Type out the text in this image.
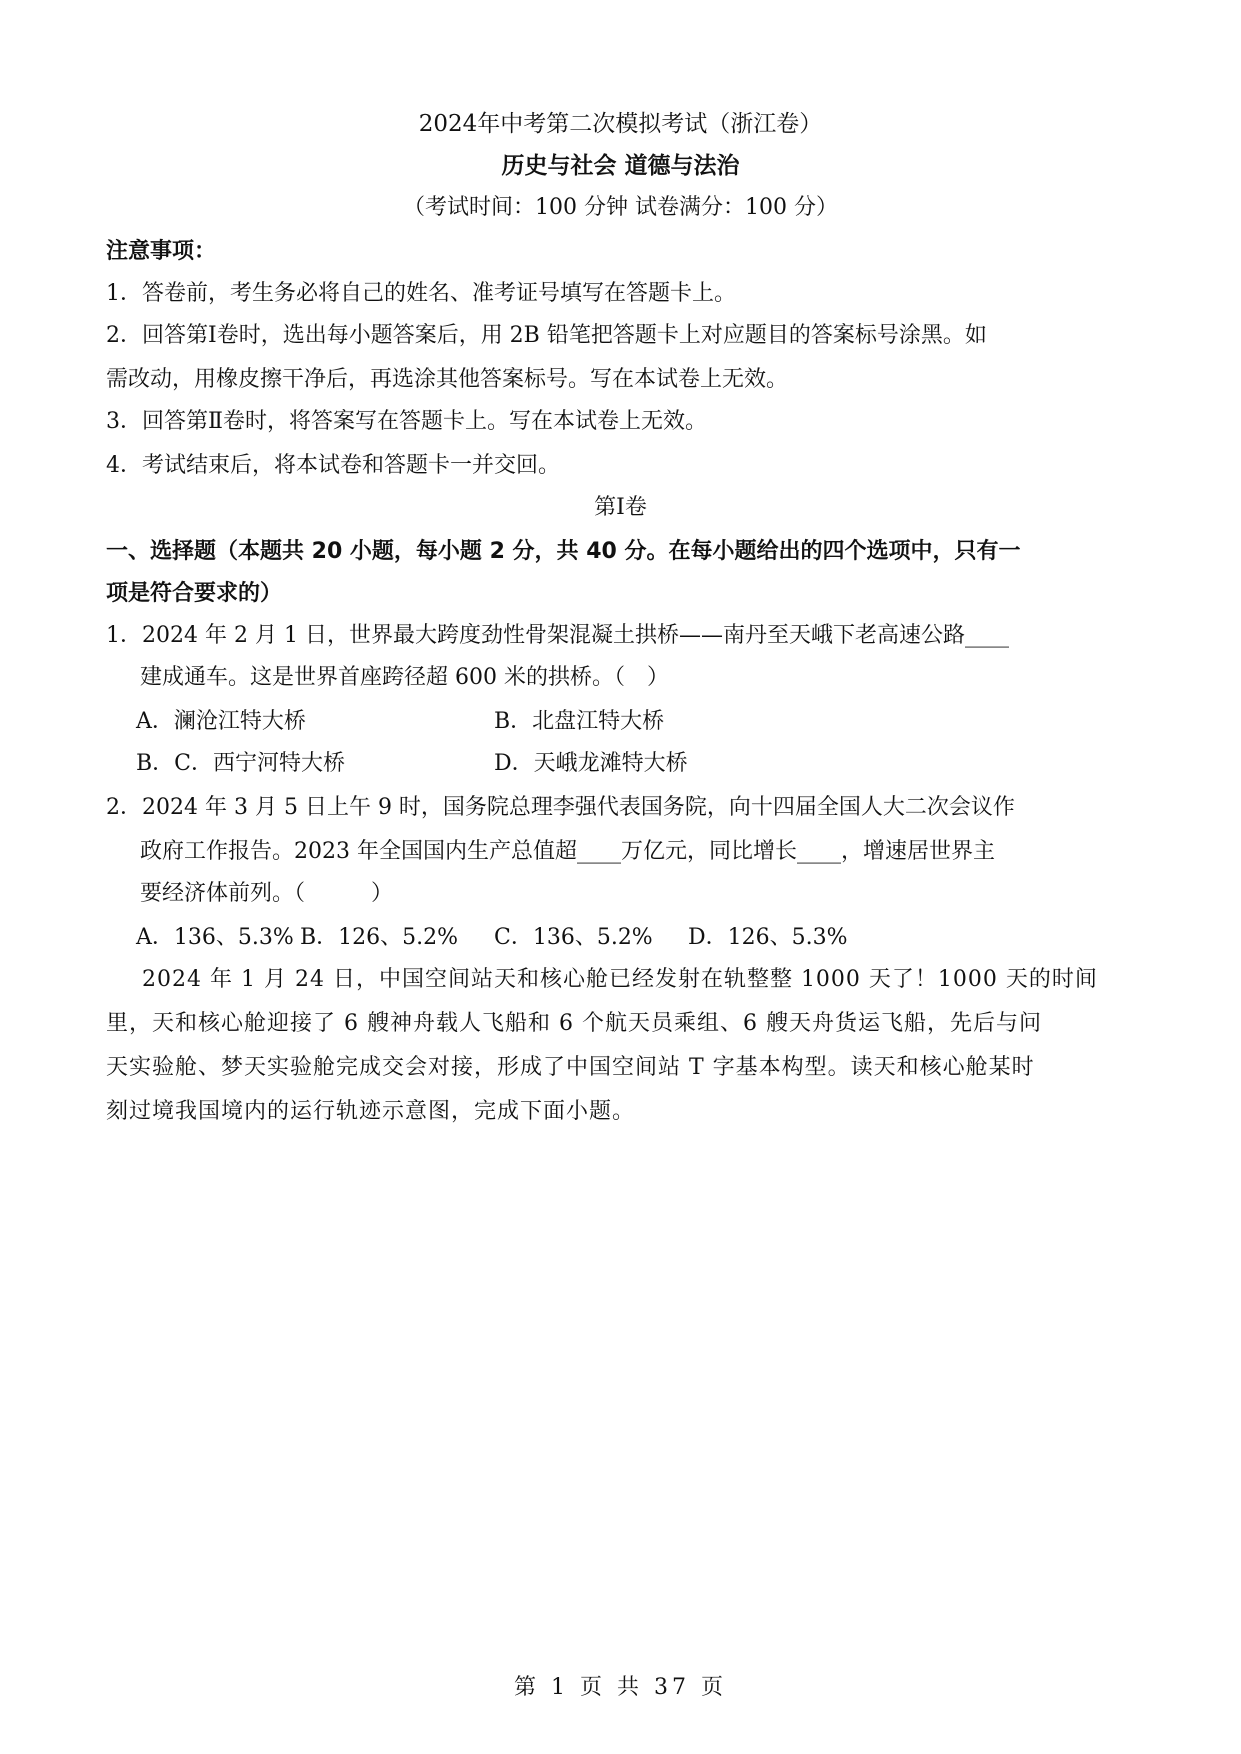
2024年中考第二次模拟考试（浙江卷）
历史与社会 道德与法治
（考试时间：100 分钟 试卷满分：100 分）
注意事项：
1．答卷前，考生务必将自己的姓名、准考证号填写在答题卡上。
2．回答第Ⅰ卷时，选出每小题答案后，用 2B 铅笔把答题卡上对应题目的答案标号涂黑。如
需改动，用橡皮擦干净后，再选涂其他答案标号。写在本试卷上无效。
3．回答第Ⅱ卷时，将答案写在答题卡上。写在本试卷上无效。
4．考试结束后，将本试卷和答题卡一并交回。
第Ⅰ卷
一、选择题（本题共 20 小题，每小题 2 分，共 40 分。在每小题给出的四个选项中，只有一
项是符合要求的）
1．2024 年 2 月 1 日，世界最大跨度劲性骨架混凝土拱桥——南丹至天峨下老高速公路____
建成通车。这是世界首座跨径超 600 米的拱桥。（　）
A．澜沧江特大桥	B．北盘江特大桥
B．C．西宁河特大桥	D．天峨龙滩特大桥
2．2024 年 3 月 5 日上午 9 时，国务院总理李强代表国务院，向十四届全国人大二次会议作
政府工作报告。2023 年全国国内生产总值超____万亿元，同比增长____，增速居世界主
要经济体前列。（　　　）
A．136、5.3% B．126、5.2% C．136、5.2% D．126、5.3%
2024 年 1 月 24 日，中国空间站天和核心舱已经发射在轨整整 1000 天了！1000 天的时间
里，天和核心舱迎接了 6 艘神舟载人飞船和 6 个航天员乘组、6 艘天舟货运飞船，先后与问
天实验舱、梦天实验舱完成交会对接，形成了中国空间站 T 字基本构型。读天和核心舱某时
刻过境我国境内的运行轨迹示意图，完成下面小题。
第 1 页 共 37 页
